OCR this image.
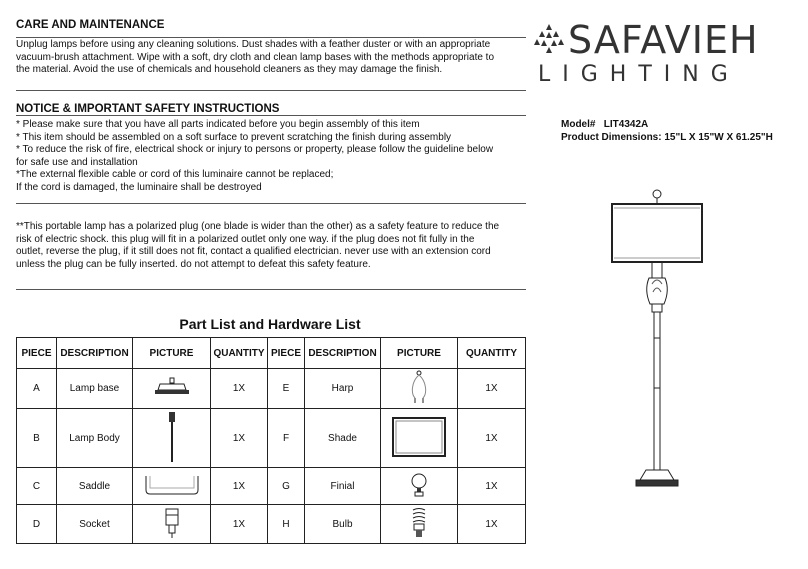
CARE AND MAINTENANCE
Unplug lamps before using any cleaning solutions. Dust shades with a feather duster or with an appropriate
vacuum-brush attachment. Wipe with a soft, dry cloth and clean lamp bases with the methods appropriate to
the material. Avoid the use of chemicals and household cleaners as they may damage the finish.
NOTICE & IMPORTANT SAFETY INSTRUCTIONS
* Please make sure that you have all parts indicated before you begin assembly of this item
* This item should be assembled on a soft surface to prevent scratching the finish during assembly
* To reduce the risk of fire, electrical shock or injury to persons or property, please follow the guideline below
for safe use and installation
*The external flexible cable or cord of this luminaire cannot be replaced;
If the cord is damaged, the luminaire shall be destroyed
**This portable lamp has a polarized plug (one blade is wider than the other) as a safety feature to reduce the
risk of electric shock. this plug will fit in a polarized outlet only one way. if the plug does not fit fully in the
outlet, reverse the plug, if it still does not fit, contact a qualified electrician. never use with an extension cord
unless the plug can be fully inserted. do not attempt to defeat this safety feature.
Part List and Hardware List
PIECE	DESCRIPTION	PICTURE	QUANTITY	PIECE	DESCRIPTION	PICTURE	QUANTITY
A	Lamp base		1X	E	Harp		1X
B	Lamp Body		1X	F	Shade		1X
C	Saddle		1X	G	Finial		1X
D	Socket		1X	H	Bulb		1X
SAFAVIEH
LIGHTING
Model#   LIT4342A
Product Dimensions: 15"L X 15"W X 61.25"H
